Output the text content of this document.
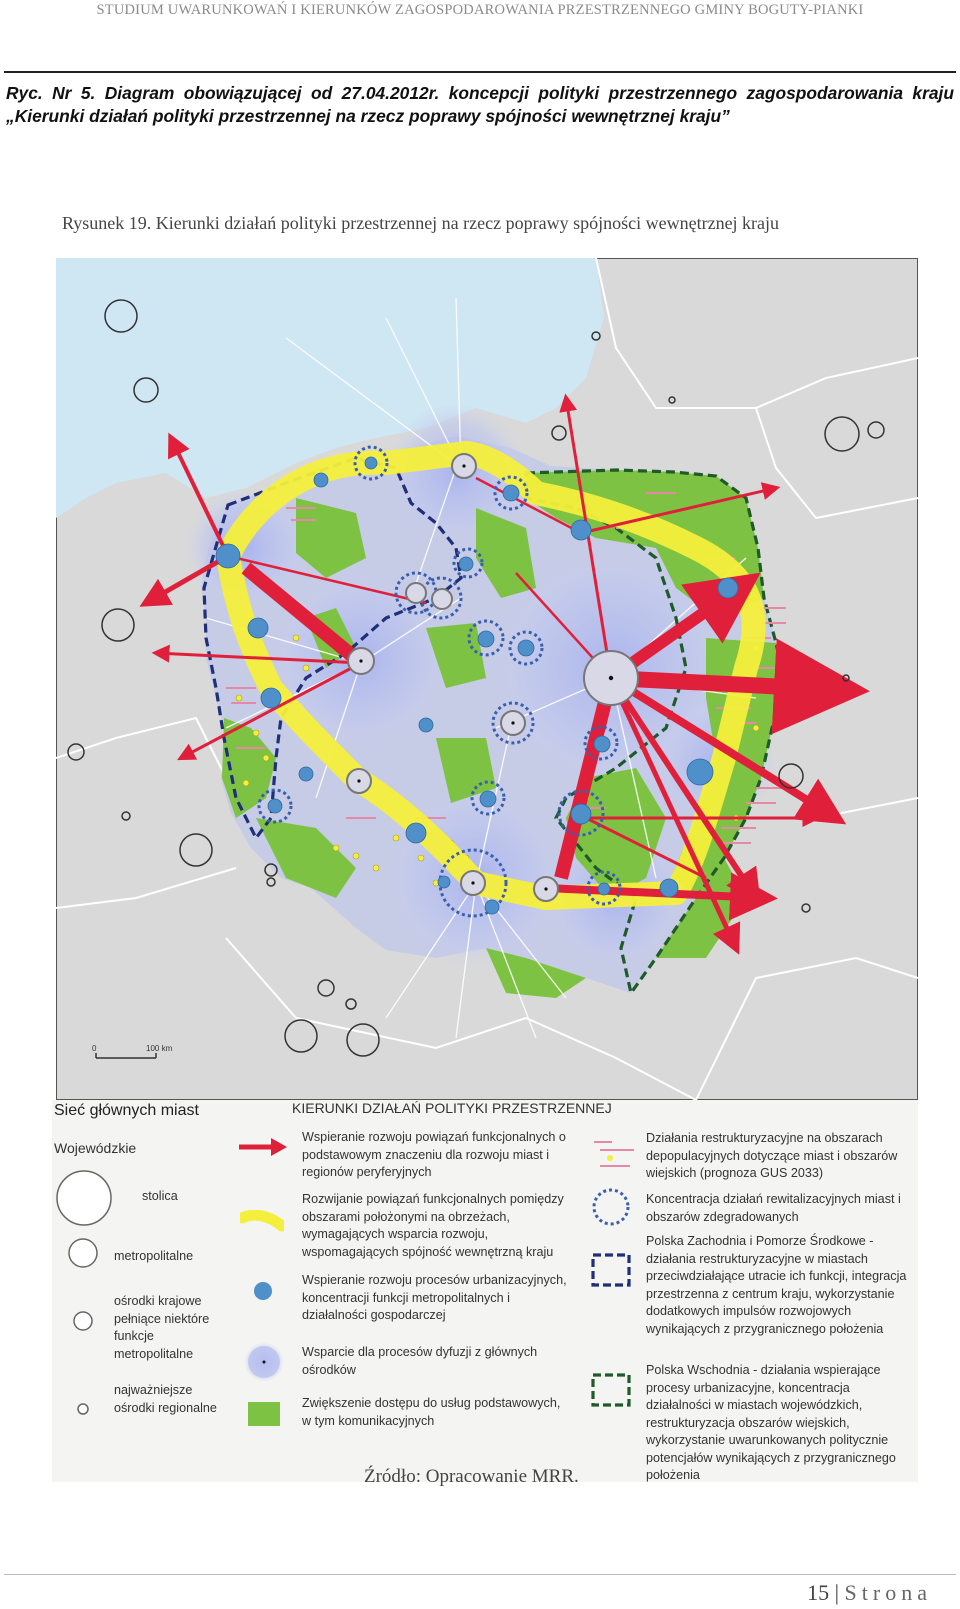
STUDIUM UWARUNKOWAŃ I KIERUNKÓW ZAGOSPODAROWANIA PRZESTRZENNEGO GMINY BOGUTY-PIANKI
Ryc. Nr 5. Diagram obowiązującej od 27.04.2012r. koncepcji polityki przestrzennego zagospodarowania kraju „Kierunki działań polityki przestrzennej na rzecz poprawy spójności wewnętrznej kraju”
Rysunek 19. Kierunki działań polityki przestrzennej na rzecz poprawy spójności wewnętrznej kraju
0	100 km
Sieć głównych miast
Wojewódzkie
stolica
metropolitalne
ośrodki krajowe pełniące niektóre funkcje metropolitalne
najważniejsze ośrodki regionalne
KIERUNKI DZIAŁAŃ POLITYKI PRZESTRZENNEJ
Wspieranie rozwoju powiązań funkcjonalnych o podstawowym znaczeniu dla rozwoju miast i regionów peryferyjnych
Rozwijanie powiązań funkcjonalnych pomiędzy obszarami położonymi na obrzeżach, wymagających wsparcia rozwoju, wspomagających spójność wewnętrzną kraju
Wspieranie rozwoju procesów urbanizacyjnych, koncentracji funkcji metropolitalnych i działalności gospodarczej
Wsparcie dla procesów dyfuzji z głównych ośrodków
Zwiększenie dostępu do usług podstawowych, w tym komunikacyjnych
Działania restrukturyzacyjne na obszarach depopulacyjnych dotyczące miast i obszarów wiejskich (prognoza GUS 2033)
Koncentracja działań rewitalizacyjnych miast i obszarów zdegradowanych
Polska Zachodnia i Pomorze Środkowe - działania restrukturyzacyjne w miastach przeciwdziałające utracie ich funkcji, integracja przestrzenna z centrum kraju, wykorzystanie dodatkowych impulsów rozwojowych wynikających z przygranicznego położenia
Polska Wschodnia - działania wspierające procesy urbanizacyjne, koncentracja działalności w miastach wojewódzkich, restrukturyzacja obszarów wiejskich, wykorzystanie uwarunkowanych politycznie potencjałów wynikających z przygranicznego położenia
Źródło: Opracowanie MRR.
15 | Strona
